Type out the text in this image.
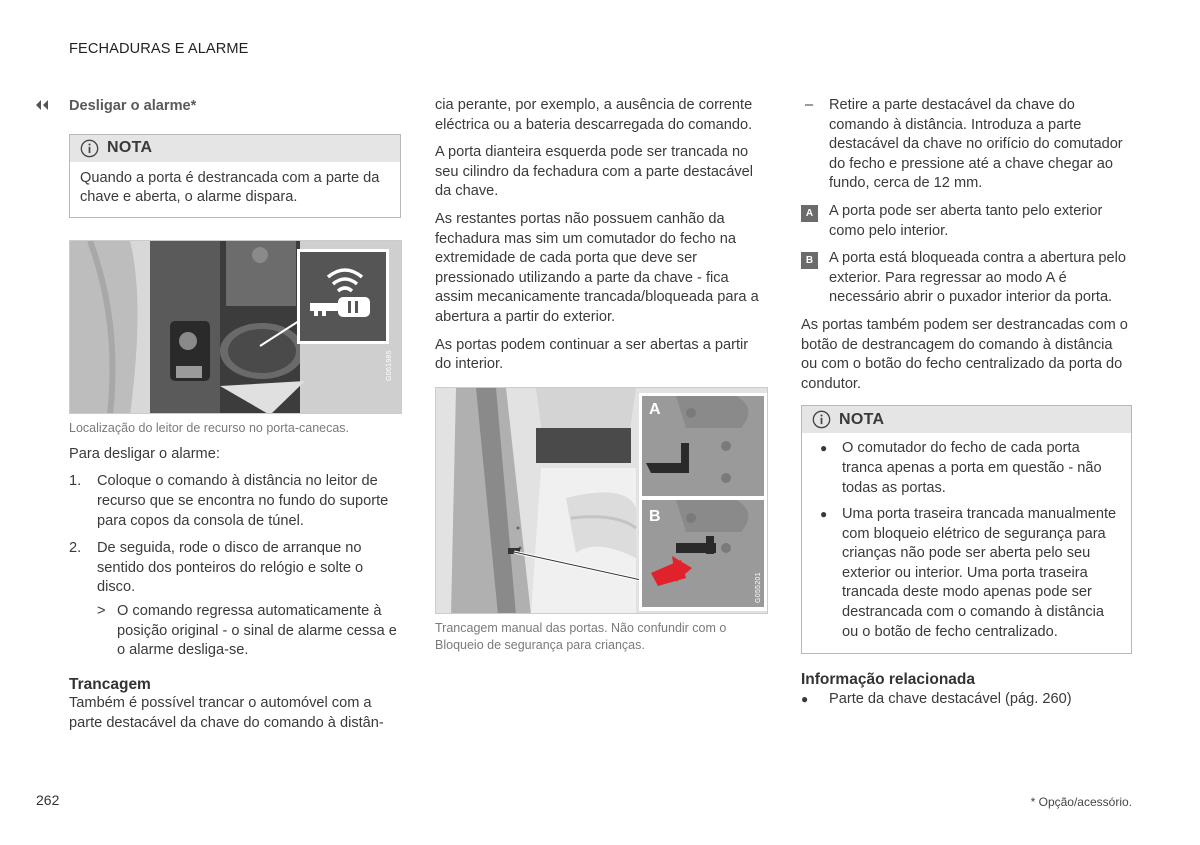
FECHADURAS E ALARME
Desligar o alarme*
NOTA
Quando a porta é destrancada com a parte da chave e aberta, o alarme dispara.
G061985
Localização do leitor de recurso no porta-canecas.

Para desligar o alarme:

1. Coloque o comando à distância no leitor de recurso que se encontra no fundo do suporte para copos da consola de túnel.
2. De seguida, rode o disco de arranque no sentido dos ponteiros do relógio e solte o disco.
> O comando regressa automaticamente à posição original - o sinal de alarme cessa e o alarme desliga-se.
Trancagem
Também é possível trancar o automóvel com a parte destacável da chave do comando à distân-

cia perante, por exemplo, a ausência de corrente eléctrica ou a bateria descarregada do comando.

A porta dianteira esquerda pode ser trancada no seu cilindro da fechadura com a parte destacável da chave.

As restantes portas não possuem canhão da fechadura mas sim um comutador do fecho na extremidade de cada porta que deve ser pressionado utilizando a parte da chave - fica assim mecanicamente trancada/bloqueada para a abertura a partir do exterior.

As portas podem continuar a ser abertas a partir do interior.

A
B
G055201
Trancagem manual das portas. Não confundir com o Bloqueio de segurança para crianças.
– Retire a parte destacável da chave do comando à distância. Introduza a parte destacável da chave no orifício do comutador do fecho e pressione até a chave chegar ao fundo, cerca de 12 mm.
A	A porta pode ser aberta tanto pelo exterior como pelo interior.
B	A porta está bloqueada contra a abertura pelo exterior. Para regressar ao modo A é necessário abrir o puxador interior da porta.

As portas também podem ser destrancadas com o botão de destrancagem do comando à distância ou com o botão do fecho centralizado da porta do condutor.

NOTA
● O comutador do fecho de cada porta tranca apenas a porta em questão - não todas as portas.
● Uma porta traseira trancada manualmente com bloqueio elétrico de segurança para crianças não pode ser aberta pelo seu exterior ou interior. Uma porta traseira trancada deste modo apenas pode ser destrancada com o comando à distância ou o botão de fecho centralizado.
Informação relacionada
● Parte da chave destacável (pág. 260)
262	* Opção/acessório.
